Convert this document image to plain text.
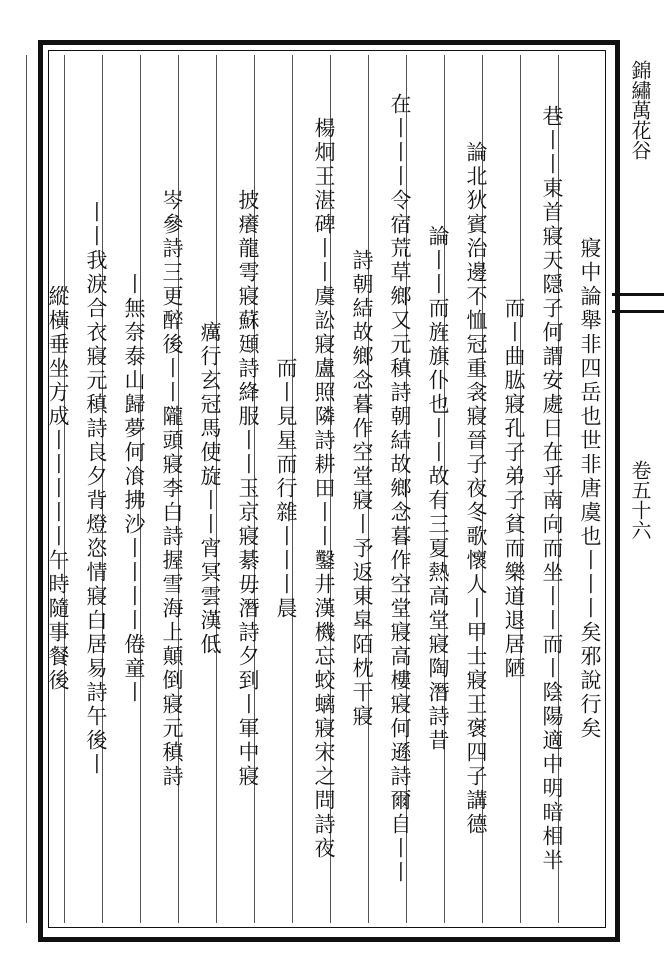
錦繡萬花谷
卷五十六
寢中論舉非四岳也世非唐虞也丨丨丨矣邪說行矣
巷丨丨東首寢天隠子何謂安處日在乎南向而坐丨丨而丨陰陽適中明暗相半
而丨曲肱寢孔子弟子貧而樂道退居陋
論北狄賓治邊不恤冠重衾寢晉子夜冬歌懷人丨甲士寢王褒四子講德
論丨丨而旌旗仆也丨丨故有三夏熱高堂寢陶潛詩昔
在丨丨丨令宿荒草鄉又元稹詩朝結故鄉念暮作空堂寢高樓寢何遜詩爾自丨丨
詩朝結故鄉念暮作空堂寢丨予返東皐陌枕干寢
楊炯王湛碑丨丨虞訟寢盧照隣詩耕田丨丨鑿井漢機忘蛟螭寢宋之問詩夜
而丨見星而行雜丨丨丨晨
披癢龍雩寢蘇頲詩絳服丨丨玉京寢綦毋潛詩夕到丨軍中寢
癘行玄冠馬使旋丨丨宵冥雲漢低
岑參詩三更醉後丨丨隴頭寢李白詩握雪海上顛倒寢元稹詩
丨無奈泰山歸夢何飡拂沙丨丨丨丨倦童丨
丨丨我淚合衣寢元稹詩良夕背燈恣情寢白居易詩午後丨
縱橫垂坐方成丨丨丨丨丨午時隨事餐後
